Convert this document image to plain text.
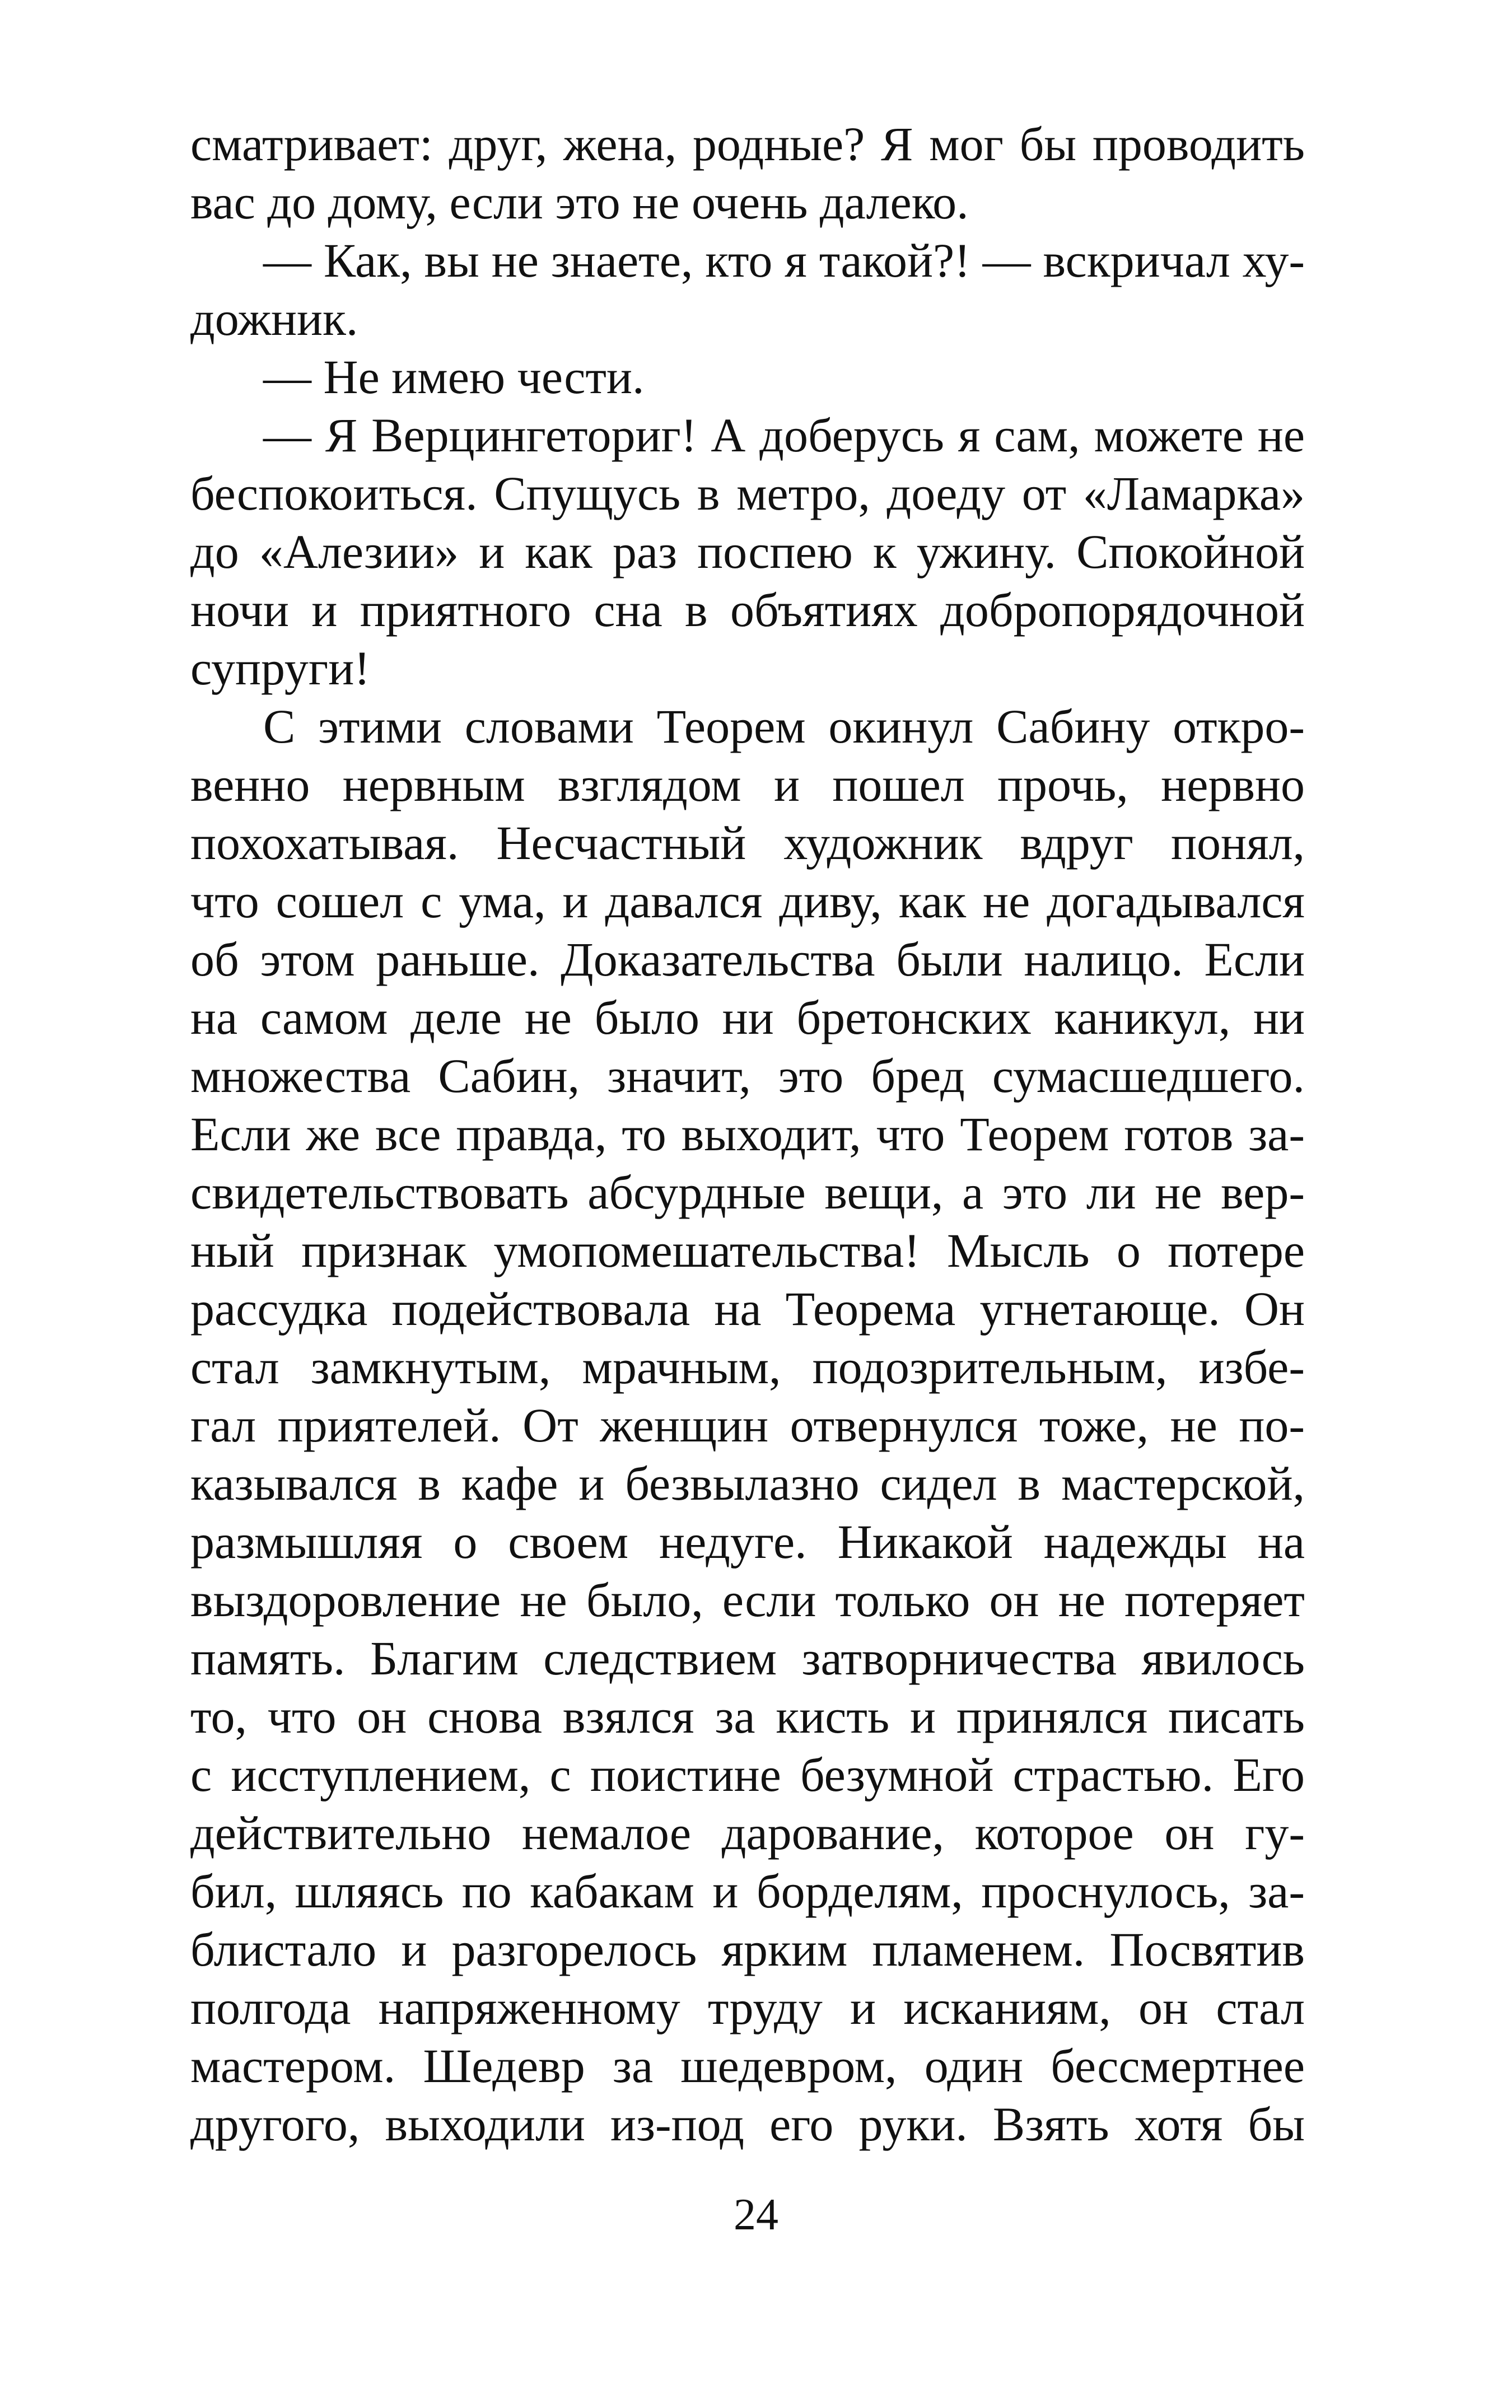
сматривает: друг, жена, родные? Я мог бы проводить
вас до дому, если это не очень далеко.
— Как, вы не знаете, кто я такой?! — вскричал ху-
дожник.
— Не имею чести.
— Я Верцингеториг! А доберусь я сам, можете не
беспокоиться. Спущусь в метро, доеду от «Ламарка»
до «Алезии» и как раз поспею к ужину. Спокойной
ночи и приятного сна в объятиях добропорядочной
супруги!
С этими словами Теорем окинул Сабину откро-
венно нервным взглядом и пошел прочь, нервно
похохатывая. Несчастный художник вдруг понял,
что сошел с ума, и давался диву, как не догадывался
об этом раньше. Доказательства были налицо. Если
на самом деле не было ни бретонских каникул, ни
множества Сабин, значит, это бред сумасшедшего.
Если же все правда, то выходит, что Теорем готов за-
свидетельствовать абсурдные вещи, а это ли не вер-
ный признак умопомешательства! Мысль о потере
рассудка подействовала на Теорема угнетающе. Он
стал замкнутым, мрачным, подозрительным, избе-
гал приятелей. От женщин отвернулся тоже, не по-
казывался в кафе и безвылазно сидел в мастерской,
размышляя о своем недуге. Никакой надежды на
выздоровление не было, если только он не потеряет
память. Благим следствием затворничества явилось
то, что он снова взялся за кисть и принялся писать
с исступлением, с поистине безумной страстью. Его
действительно немалое дарование, которое он гу-
бил, шляясь по кабакам и борделям, проснулось, за-
блистало и разгорелось ярким пламенем. Посвятив
полгода напряженному труду и исканиям, он стал
мастером. Шедевр за шедевром, один бессмертнее
другого, выходили из-под его руки. Взять хотя бы
24
